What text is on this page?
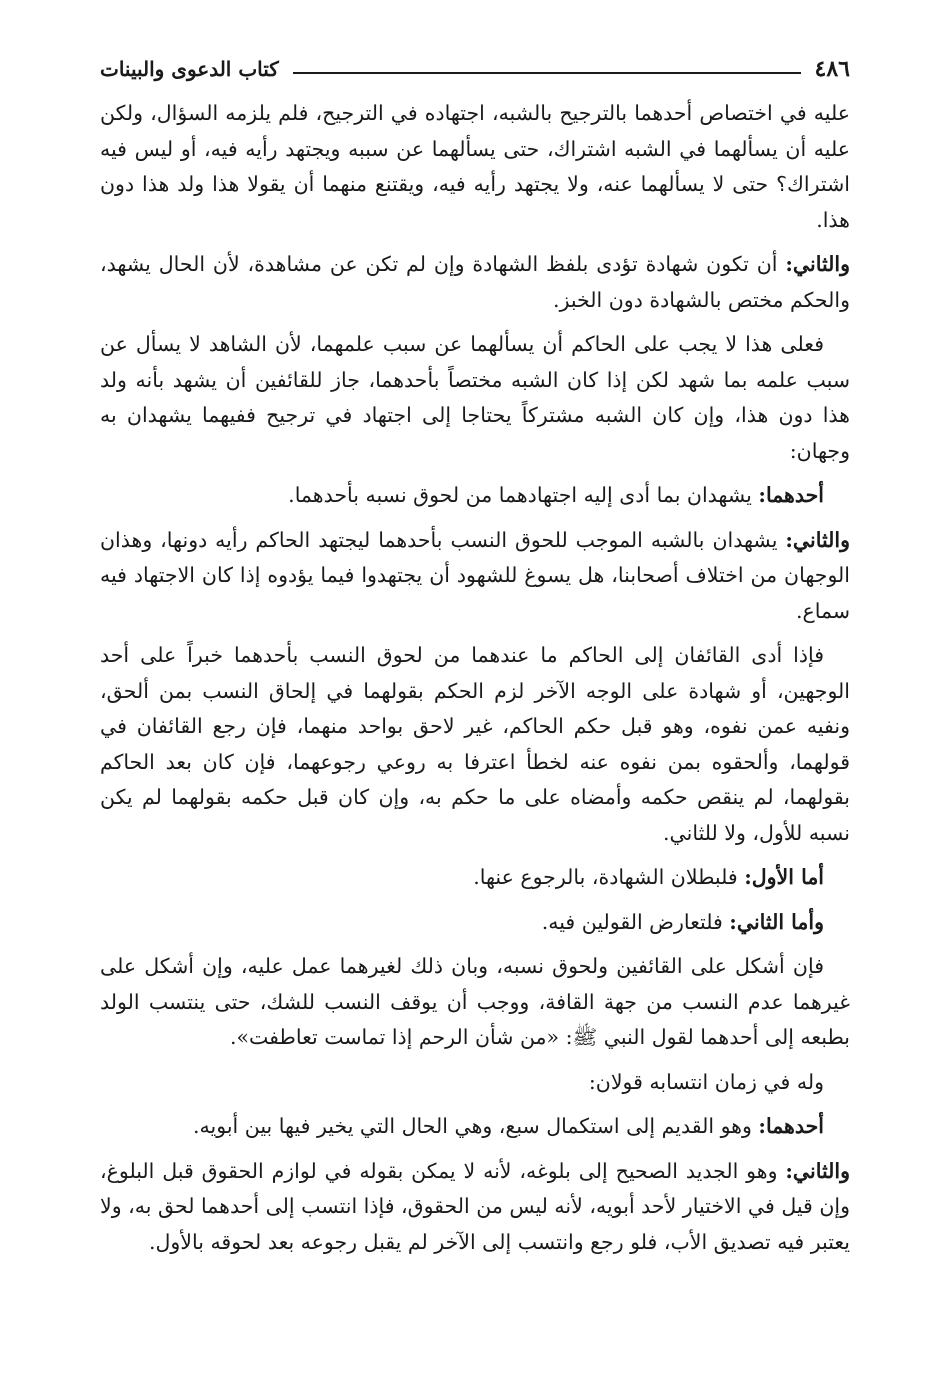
٤٨٦
كتاب الدعوى والبينات

عليه في اختصاص أحدهما بالترجيح بالشبه، اجتهاده في الترجيح، فلم يلزمه السؤال، ولكن عليه أن يسألهما في الشبه اشتراك، حتى يسألهما عن سببه ويجتهد رأيه فيه، أو ليس فيه اشتراك؟ حتى لا يسألهما عنه، ولا يجتهد رأيه فيه، ويقتنع منهما أن يقولا هذا ولد هذا دون هذا.

والثاني: أن تكون شهادة تؤدى بلفظ الشهادة وإن لم تكن عن مشاهدة، لأن الحال يشهد، والحكم مختص بالشهادة دون الخبز.

فعلى هذا لا يجب على الحاكم أن يسألهما عن سبب علمهما، لأن الشاهد لا يسأل عن سبب علمه بما شهد لكن إذا كان الشبه مختصاً بأحدهما، جاز للقائفين أن يشهد بأنه ولد هذا دون هذا، وإن كان الشبه مشتركاً يحتاجا إلى اجتهاد في ترجيح ففيهما يشهدان به وجهان:

أحدهما: يشهدان بما أدى إليه اجتهادهما من لحوق نسبه بأحدهما.

والثاني: يشهدان بالشبه الموجب للحوق النسب بأحدهما ليجتهد الحاكم رأيه دونها، وهذان الوجهان من اختلاف أصحابنا، هل يسوغ للشهود أن يجتهدوا فيما يؤدوه إذا كان الاجتهاد فيه سماع.

فإذا أدى القائفان إلى الحاكم ما عندهما من لحوق النسب بأحدهما خبراً على أحد الوجهين، أو شهادة على الوجه الآخر لزم الحكم بقولهما في إلحاق النسب بمن ألحق، ونفيه عمن نفوه، وهو قبل حكم الحاكم، غير لاحق بواحد منهما، فإن رجع القائفان في قولهما، وألحقوه بمن نفوه عنه لخطأ اعترفا به روعي رجوعهما، فإن كان بعد الحاكم بقولهما، لم ينقص حكمه وأمضاه على ما حكم به، وإن كان قبل حكمه بقولهما لم يكن نسبه للأول، ولا للثاني.

أما الأول: فلبطلان الشهادة، بالرجوع عنها.

وأما الثاني: فلتعارض القولين فيه.

فإن أشكل على القائفين ولحوق نسبه، وبان ذلك لغيرهما عمل عليه، وإن أشكل على غيرهما عدم النسب من جهة القافة، ووجب أن يوقف النسب للشك، حتى ينتسب الولد بطبعه إلى أحدهما لقول النبي ﷺ: «من شأن الرحم إذا تماست تعاطفت».

وله في زمان انتسابه قولان:

أحدهما: وهو القديم إلى استكمال سبع، وهي الحال التي يخير فيها بين أبويه.

والثاني: وهو الجديد الصحيح إلى بلوغه، لأنه لا يمكن بقوله في لوازم الحقوق قبل البلوغ، وإن قيل في الاختيار لأحد أبويه، لأنه ليس من الحقوق، فإذا انتسب إلى أحدهما لحق به، ولا يعتبر فيه تصديق الأب، فلو رجع وانتسب إلى الآخر لم يقبل رجوعه بعد لحوقه بالأول.
